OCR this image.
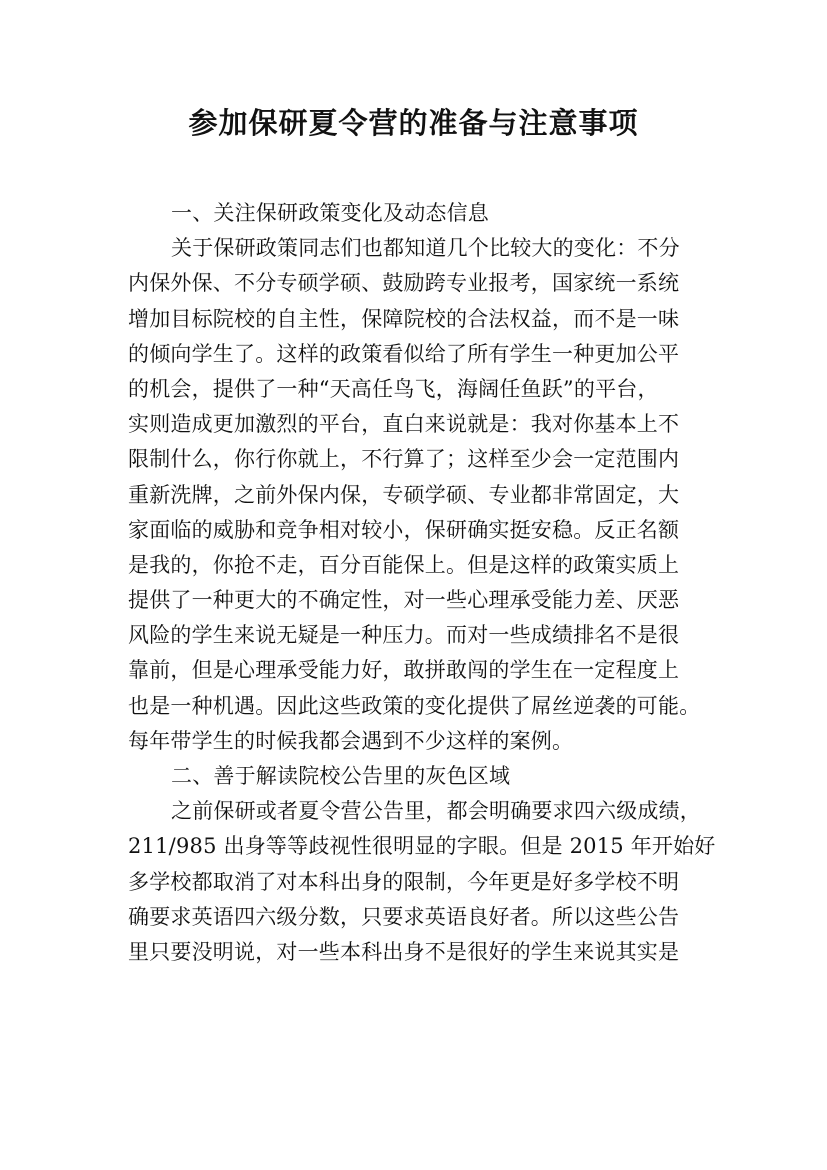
参加保研夏令营的准备与注意事项
一、关注保研政策变化及动态信息
关于保研政策同志们也都知道几个比较大的变化：不分
内保外保、不分专硕学硕、鼓励跨专业报考，国家统一系统
增加目标院校的自主性，保障院校的合法权益，而不是一味
的倾向学生了。这样的政策看似给了所有学生一种更加公平
的机会，提供了一种“天高任鸟飞，海阔任鱼跃”的平台，
实则造成更加激烈的平台，直白来说就是：我对你基本上不
限制什么，你行你就上，不行算了；这样至少会一定范围内
重新洗牌，之前外保内保，专硕学硕、专业都非常固定，大
家面临的威胁和竞争相对较小，保研确实挺安稳。反正名额
是我的，你抢不走，百分百能保上。但是这样的政策实质上
提供了一种更大的不确定性，对一些心理承受能力差、厌恶
风险的学生来说无疑是一种压力。而对一些成绩排名不是很
靠前，但是心理承受能力好，敢拼敢闯的学生在一定程度上
也是一种机遇。因此这些政策的变化提供了屌丝逆袭的可能。
每年带学生的时候我都会遇到不少这样的案例。
二、善于解读院校公告里的灰色区域
之前保研或者夏令营公告里，都会明确要求四六级成绩，
211/985 出身等等歧视性很明显的字眼。但是 2015 年开始好
多学校都取消了对本科出身的限制，今年更是好多学校不明
确要求英语四六级分数，只要求英语良好者。所以这些公告
里只要没明说，对一些本科出身不是很好的学生来说其实是
